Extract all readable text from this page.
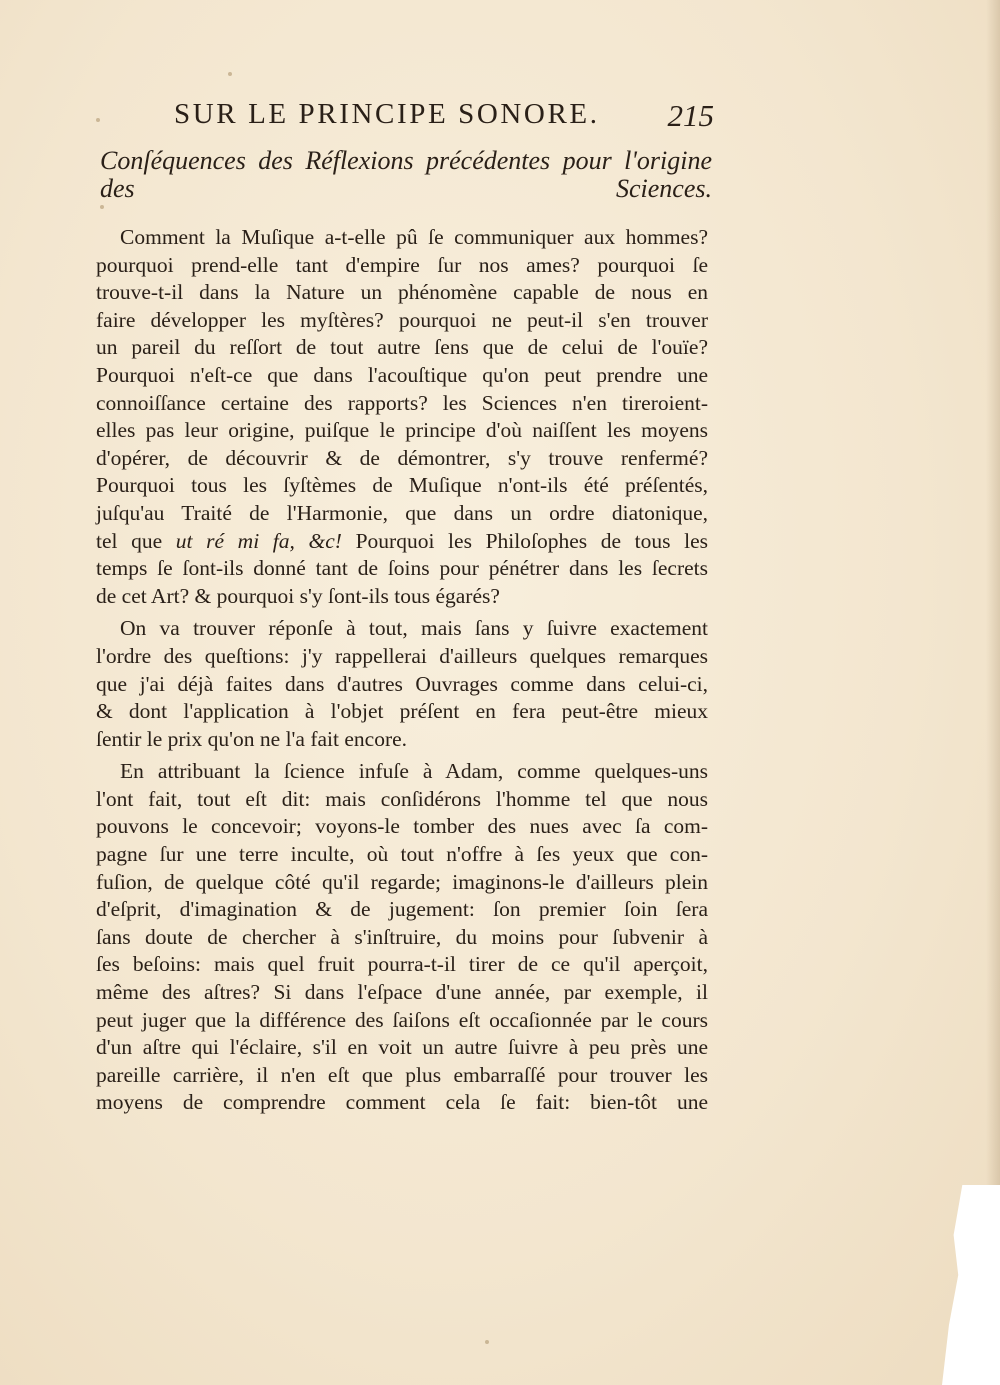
SUR LE PRINCIPE SONORE. 215
Conſéquences des Réflexions précédentes pour l'origine
des Sciences.
Comment la Muſique a-t-elle pû ſe communiquer aux hommes?
pourquoi prend-elle tant d'empire ſur nos ames? pourquoi ſe
trouve-t-il dans la Nature un phénomène capable de nous en
faire développer les myſtères? pourquoi ne peut-il s'en trouver
un pareil du reſſort de tout autre ſens que de celui de l'ouïe?
Pourquoi n'eſt-ce que dans l'acouſtique qu'on peut prendre une
connoiſſance certaine des rapports? les Sciences n'en tireroient-
elles pas leur origine, puiſque le principe d'où naiſſent les moyens
d'opérer, de découvrir & de démontrer, s'y trouve renfermé?
Pourquoi tous les ſyſtèmes de Muſique n'ont-ils été préſentés,
juſqu'au Traité de l'Harmonie, que dans un ordre diatonique,
tel que ut ré mi fa, &c! Pourquoi les Philoſophes de tous les
temps ſe ſont-ils donné tant de ſoins pour pénétrer dans les ſecrets
de cet Art? & pourquoi s'y ſont-ils tous égarés?
On va trouver réponſe à tout, mais ſans y ſuivre exactement
l'ordre des queſtions: j'y rappellerai d'ailleurs quelques remarques
que j'ai déjà faites dans d'autres Ouvrages comme dans celui-ci,
& dont l'application à l'objet préſent en fera peut-être mieux
ſentir le prix qu'on ne l'a fait encore.
En attribuant la ſcience infuſe à Adam, comme quelques-uns
l'ont fait, tout eſt dit: mais conſidérons l'homme tel que nous
pouvons le concevoir; voyons-le tomber des nues avec ſa com-
pagne ſur une terre inculte, où tout n'offre à ſes yeux que con-
fuſion, de quelque côté qu'il regarde; imaginons-le d'ailleurs plein
d'eſprit, d'imagination & de jugement: ſon premier ſoin ſera
ſans doute de chercher à s'inſtruire, du moins pour ſubvenir à
ſes beſoins: mais quel fruit pourra-t-il tirer de ce qu'il aperçoit,
même des aſtres? Si dans l'eſpace d'une année, par exemple, il
peut juger que la différence des ſaiſons eſt occaſionnée par le cours
d'un aſtre qui l'éclaire, s'il en voit un autre ſuivre à peu près une
pareille carrière, il n'en eſt que plus embarraſſé pour trouver les
moyens de comprendre comment cela ſe fait: bien-tôt une
